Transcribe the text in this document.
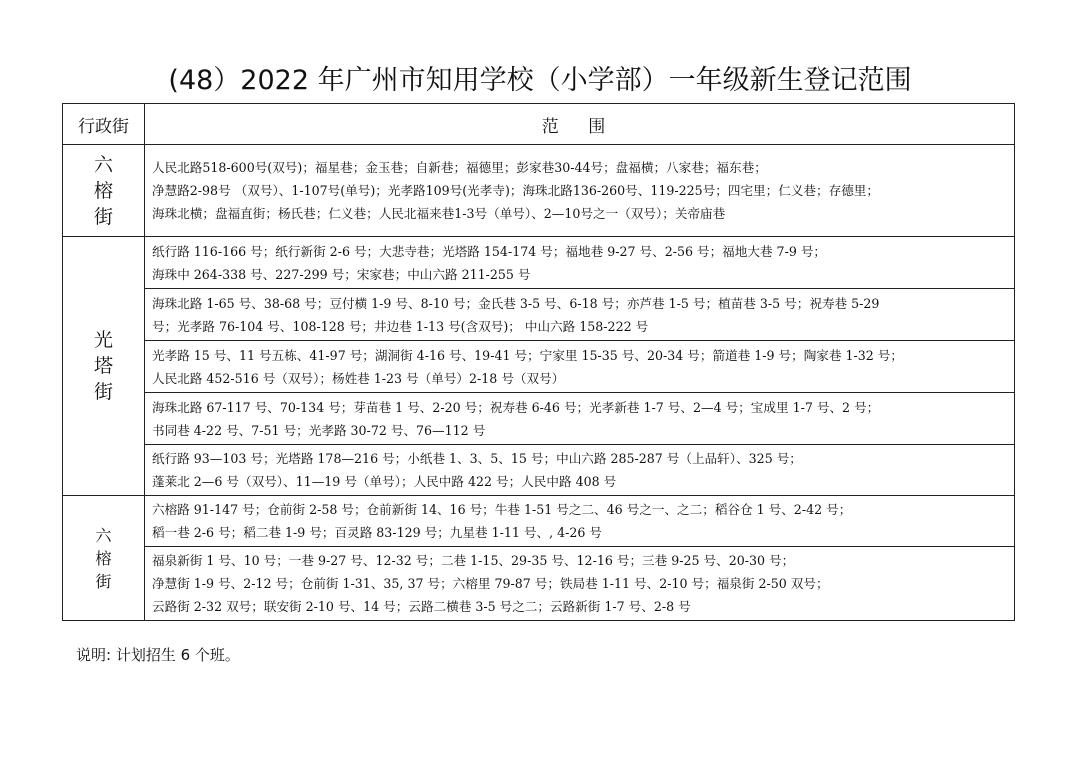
(48）2022 年广州市知用学校（小学部）一年级新生登记范围
行政街	范 围

六
榕
街	人民北路518-600号(双号)；福星巷；金玉巷；自新巷；福德里；彭家巷30-44号；盘福横；八家巷；福东巷；
净慧路2-98号 （双号）、1-107号(单号)；光孝路109号(光孝寺)；海珠北路136-260号、119-225号；四宅里；仁义巷；存德里；
海珠北横；盘福直街；杨氏巷；仁义巷；人民北福来巷1-3号（单号）、2—10号之一（双号）；关帝庙巷

光
塔
街	纸行路 116-166 号；纸行新街 2-6 号；大悲寺巷；光塔路 154-174 号；福地巷 9-27 号、2-56 号；福地大巷 7-9 号；
海珠中 264-338 号、227-299 号；宋家巷；中山六路 211-255 号

	海珠北路 1-65 号、38-68 号；豆付横 1-9 号、8-10 号；金氏巷 3-5 号、6-18 号；亦芦巷 1-5 号；植苗巷 3-5 号；祝寿巷 5-29
号；光孝路 76-104 号、108-128 号；井边巷 1-13 号(含双号)； 中山六路 158-222 号

	光孝路 15 号、11 号五栋、41-97 号；湖洞街 4-16 号、19-41 号；宁家里 15-35 号、20-34 号；箭道巷 1-9 号；陶家巷 1-32 号；
人民北路 452-516 号（双号）；杨姓巷 1-23 号（单号）2-18 号（双号）

	海珠北路 67-117 号、70-134 号；芽苗巷 1 号、2-20 号；祝寿巷 6-46 号；光孝新巷 1-7 号、2—4 号；宝成里 1-7 号、2 号；
书同巷 4-22 号、7-51 号；光孝路 30-72 号、76—112 号

	纸行路 93—103 号；光塔路 178—216 号；小纸巷 1、3、5、15 号；中山六路 285-287 号（上品轩）、325 号；
蓬莱北 2—6 号（双号）、11—19 号（单号）；人民中路 422 号；人民中路 408 号

六
榕
街	六榕路 91-147 号；仓前街 2-58 号；仓前新街 14、16 号；牛巷 1-51 号之二、46 号之一、之二；稻谷仓 1 号、2-42 号；
稻一巷 2-6 号；稻二巷 1-9 号；百灵路 83-129 号；九星巷 1-11 号、, 4-26 号

	福泉新街 1 号、10 号；一巷 9-27 号、12-32 号；二巷 1-15、29-35 号、12-16 号；三巷 9-25 号、20-30 号；
净慧街 1-9 号、2-12 号；仓前街 1-31、35, 37 号；六榕里 79-87 号；铁局巷 1-11 号、2-10 号；福泉街 2-50 双号；
云路街 2-32 双号；联安街 2-10 号、14 号；云路二横巷 3-5 号之二；云路新街 1-7 号、2-8 号
说明: 计划招生 6 个班。
